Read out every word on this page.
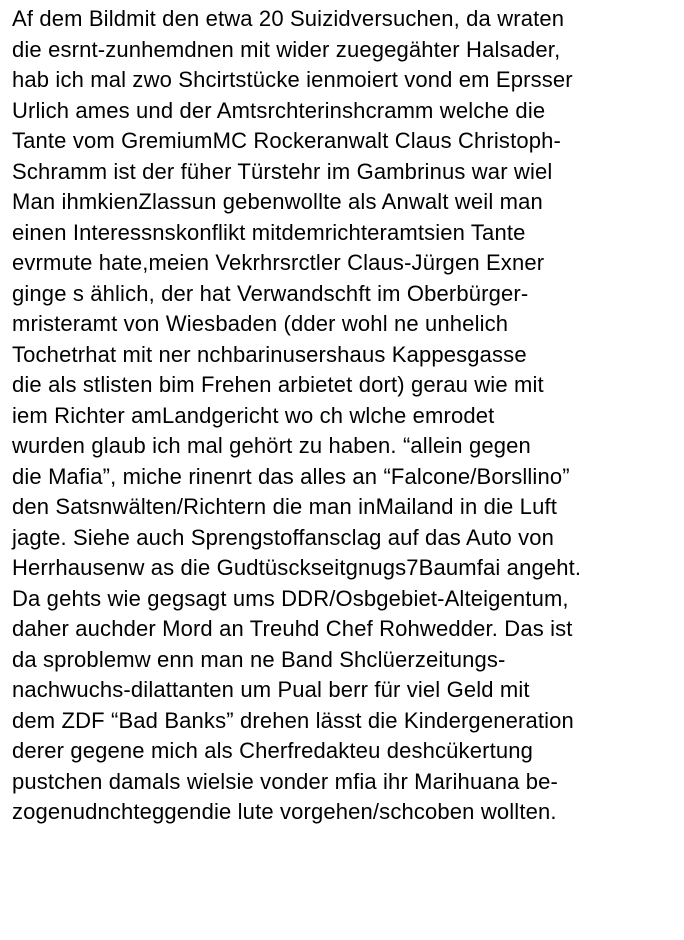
Af dem Bildmit den etwa 20 Suizidversuchen, da wraten
die esrnt-zunhemdnen mit wider zuegegähter Halsader,
hab ich mal zwo Shcirtstücke ienmoiert vond em Eprsser
Urlich ames und der Amtsrchterinshcramm welche die
Tante vom GremiumMC Rockeranwalt Claus Christoph-
Schramm ist der füher Türstehr im Gambrinus war wiel
Man ihmkienZlassun gebenwollte als Anwalt weil man
einen Interessnskonflikt mitdemrichteramtsien Tante
evrmute hate,meien Vekrhrsrctler Claus-Jürgen Exner
ginge s ählich, der hat Verwandschft im Oberbürger-
mristeramt von Wiesbaden (dder wohl ne unhelich
Tochetrhat mit ner nchbarinusershaus Kappesgasse
die als stlisten bim Frehen arbietet dort) gerau wie mit
iem Richter amLandgericht wo ch wlche emrodet
wurden glaub ich mal gehört zu haben. “allein gegen
die Mafia”, miche rinenrt das alles an “Falcone/Borsllino”
den Satsnwälten/Richtern die man inMailand in die Luft
jagte. Siehe auch Sprengstoffansclag auf das Auto von
Herrhausenw as die Gudtüsckseitgnugs7Baumfai angeht.
Da gehts wie gegsagt ums DDR/Osbgebiet-Alteigentum,
daher auchder Mord an Treuhd Chef Rohwedder. Das ist
da sproblemw enn man ne Band Shclüerzeitungs-
nachwuchs-dilattanten um Pual berr für viel Geld mit
dem ZDF “Bad Banks” drehen lässt die Kindergeneration
derer gegene mich als Cherfredakteu deshcükertung
pustchen damals wielsie vonder mfia ihr Marihuana be-
zogenudnchteggendie lute vorgehen/schcoben wollten.
